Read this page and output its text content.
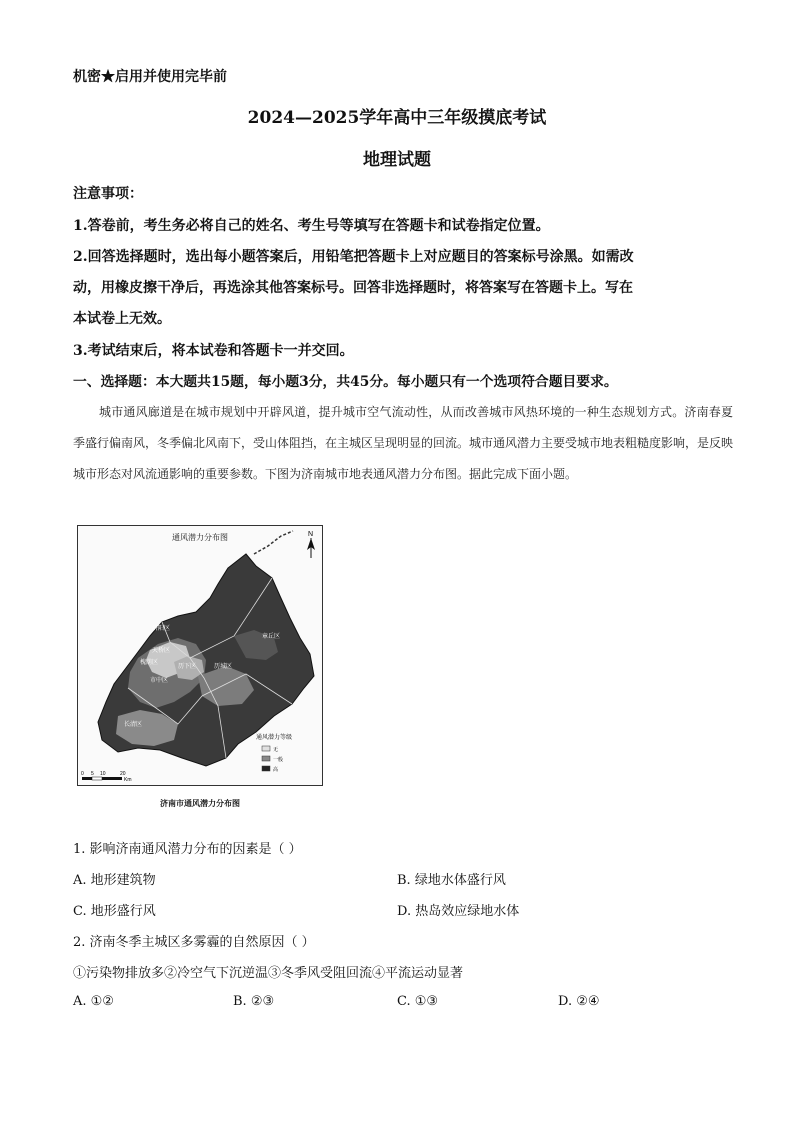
机密★启用并使用完毕前
2024—2025学年高中三年级摸底考试
地理试题
注意事项：
1.答卷前，考生务必将自己的姓名、考生号等填写在答题卡和试卷指定位置。
2.回答选择题时，选出每小题答案后，用铅笔把答题卡上对应题目的答案标号涂黑。如需改
动，用橡皮擦干净后，再选涂其他答案标号。回答非选择题时，将答案写在答题卡上。写在
本试卷上无效。
3.考试结束后，将本试卷和答题卡一并交回。
一、选择题：本大题共15题，每小题3分，共45分。每小题只有一个选项符合题目要求。

城市通风廊道是在城市规划中开辟风道，提升城市空气流动性，从而改善城市风热环境的一种生态规划方式。济南春夏季盛行偏南风，冬季偏北风南下，受山体阻挡，在主城区呈现明显的回流。城市通风潜力主要受城市地表粗糙度影响，是反映城市形态对风流通影响的重要参数。下图为济南城市地表通风潜力分布图。据此完成下面小题。

通风潜力分布图	N
济阳区
天桥区
槐荫区
历下区	历城区
市中区
长清区
章丘区
通风潜力等级
无
一般
高
0 5 10	20
Km
济南市通风潜力分布图
1. 影响济南通风潜力分布的因素是（ ）
A. 地形建筑物	B. 绿地水体盛行风
C. 地形盛行风	D. 热岛效应绿地水体
2. 济南冬季主城区多雾霾的自然原因（ ）
①污染物排放多②冷空气下沉逆温③冬季风受阻回流④平流运动显著
A. ①②	B. ②③	C. ①③	D. ②④
